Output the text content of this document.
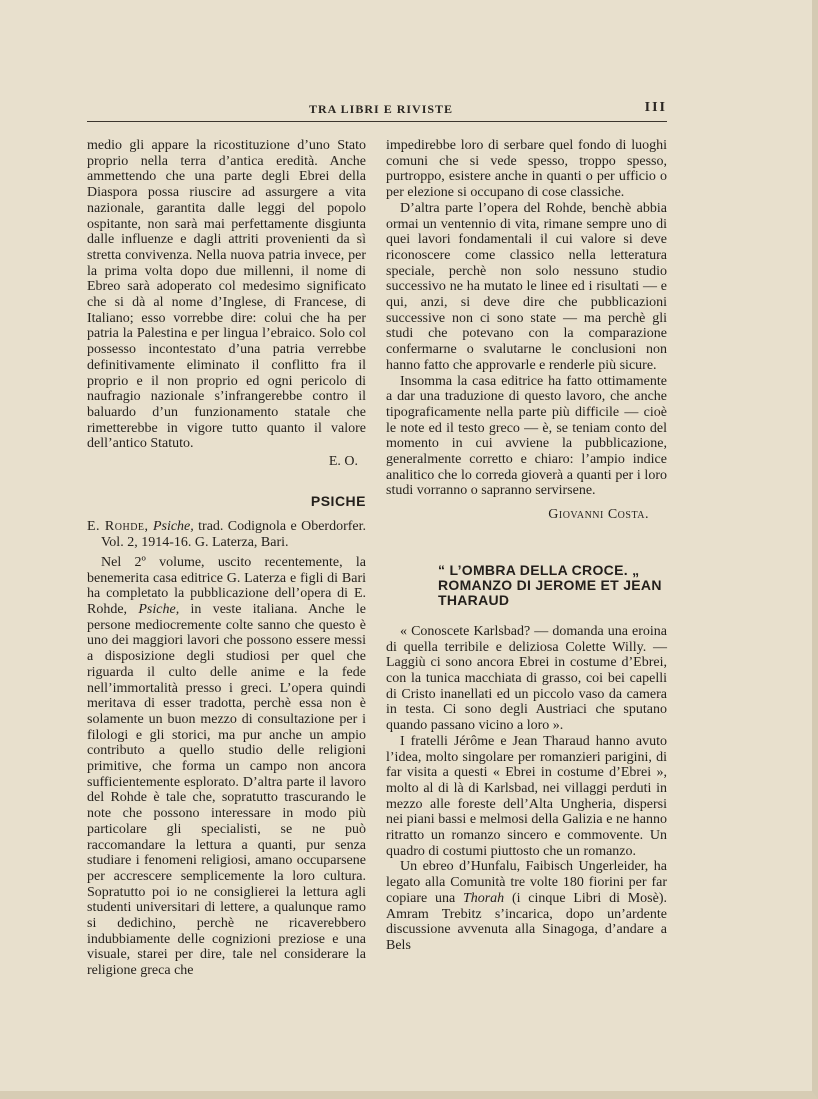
TRA LIBRI E RIVISTE	III

medio gli appare la ricostituzione d’uno Stato proprio nella terra d’antica eredità. Anche ammettendo che una parte degli Ebrei della Diaspora possa riuscire ad assurgere a vita nazionale, garantita dalle leggi del popolo ospitante, non sarà mai perfettamente disgiunta dalle influenze e dagli attriti provenienti da sì stretta convivenza. Nella nuova patria invece, per la prima volta dopo due millenni, il nome di Ebreo sarà adoperato col medesimo significato che si dà al nome d’Inglese, di Francese, di Italiano; esso vorrebbe dire: colui che ha per patria la Palestina e per lingua l’ebraico. Solo col possesso incontestato d’una patria verrebbe definitivamente eliminato il conflitto fra il proprio e il non proprio ed ogni pericolo di naufragio nazionale s’infrangerebbe contro il baluardo d’un funzionamento statale che rimetterebbe in vigore tutto quanto il valore dell’antico Statuto.

E. O.

PSICHE

E. Rohde, Psiche, trad. Codignola e Oberdorfer. Vol. 2, 1914-16. G. Laterza, Bari.

Nel 2º volume, uscito recentemente, la benemerita casa editrice G. Laterza e figli di Bari ha completato la pubblicazione dell’opera di E. Rohde, Psiche, in veste italiana. Anche le persone mediocremente colte sanno che questo è uno dei maggiori lavori che possono essere messi a disposizione degli studiosi per quel che riguarda il culto delle anime e la fede nell’immortalità presso i greci. L’opera quindi meritava di esser tradotta, perchè essa non è solamente un buon mezzo di consultazione per i filologi e gli storici, ma pur anche un ampio contributo a quello studio delle religioni primitive, che forma un campo non ancora sufficientemente esplorato. D’altra parte il lavoro del Rohde è tale che, sopratutto trascurando le note che possono interessare in modo più particolare gli specialisti, se ne può raccomandare la lettura a quanti, pur senza studiare i fenomeni religiosi, amano occuparsene per accrescere semplicemente la loro cultura. Sopratutto poi io ne consiglierei la lettura agli studenti universitari di lettere, a qualunque ramo si dedichino, perchè ne ricaverebbero indubbiamente delle cognizioni preziose e una visuale, starei per dire, tale nel considerare la religione greca che

impedirebbe loro di serbare quel fondo di luoghi comuni che si vede spesso, troppo spesso, purtroppo, esistere anche in quanti o per ufficio o per elezione si occupano di cose classiche.

D’altra parte l’opera del Rohde, benchè abbia ormai un ventennio di vita, rimane sempre uno di quei lavori fondamentali il cui valore si deve riconoscere come classico nella letteratura speciale, perchè non solo nessuno studio successivo ne ha mutato le linee ed i risultati — e qui, anzi, si deve dire che pubblicazioni successive non ci sono state — ma perchè gli studi che potevano con la comparazione confermarne o svalutarne le conclusioni non hanno fatto che approvarle e renderle più sicure.

Insomma la casa editrice ha fatto ottimamente a dar una traduzione di questo lavoro, che anche tipograficamente nella parte più difficile — cioè le note ed il testo greco — è, se teniam conto del momento in cui avviene la pubblicazione, generalmente corretto e chiaro: l’ampio indice analitico che lo correda gioverà a quanti per i loro studi vorranno o sapranno servirsene.

Giovanni Costa.

“ L’OMBRA DELLA CROCE. „
ROMANZO DI JEROME ET JEAN
THARAUD

« Conoscete Karlsbad? — domanda una eroina di quella terribile e deliziosa Colette Willy. — Laggiù ci sono ancora Ebrei in costume d’Ebrei, con la tunica macchiata di grasso, coi bei capelli di Cristo inanellati ed un piccolo vaso da camera in testa. Ci sono degli Austriaci che sputano quando passano vicino a loro ».

I fratelli Jérôme e Jean Tharaud hanno avuto l’idea, molto singolare per romanzieri parigini, di far visita a questi « Ebrei in costume d’Ebrei », molto al di là di Karlsbad, nei villaggi perduti in mezzo alle foreste dell’Alta Ungheria, dispersi nei piani bassi e melmosi della Galizia e ne hanno ritratto un romanzo sincero e commovente. Un quadro di costumi piuttosto che un romanzo.

Un ebreo d’Hunfalu, Faibisch Ungerleider, ha legato alla Comunità tre volte 180 fiorini per far copiare una Thorah (i cinque Libri di Mosè). Amram Trebitz s’incarica, dopo un’ardente discussione avvenuta alla Sinagoga, d’andare a Bels
